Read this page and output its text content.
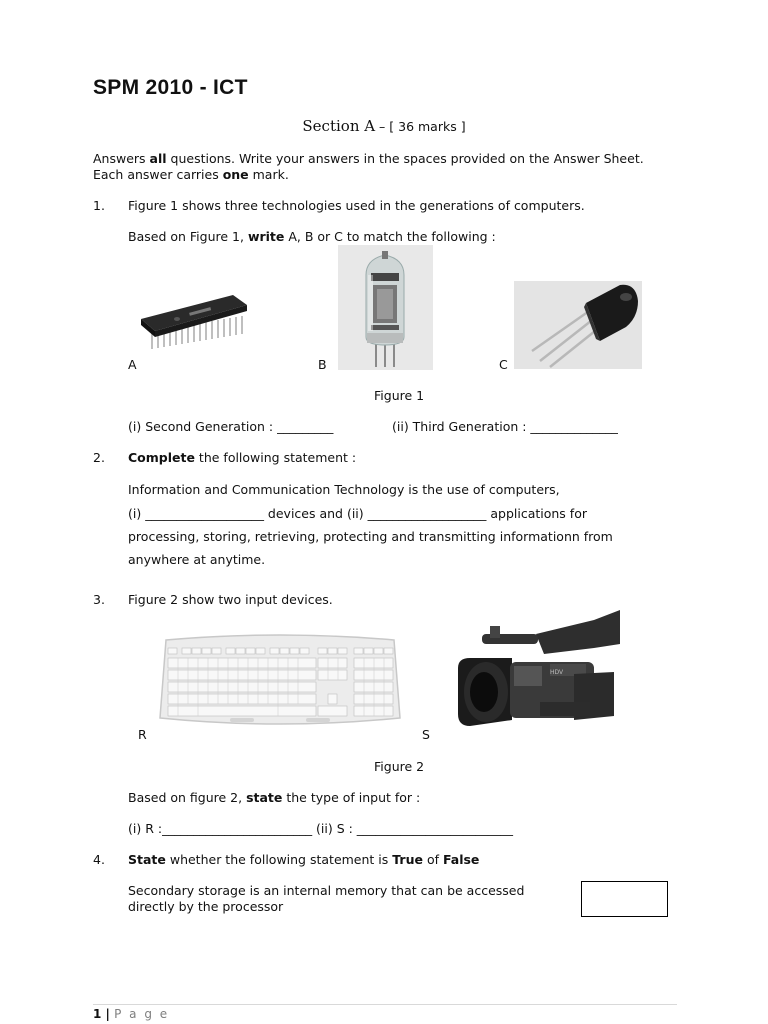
SPM 2010 - ICT
Section A – [ 36 marks ]
Answers all questions. Write your answers in the spaces provided on the Answer Sheet.
Each answer carries one mark.
1. Figure 1 shows three technologies used in the generations of computers.
Based on Figure 1, write A, B or C to match the following :
A	B	C
Figure 1
(i) Second Generation : _________	(ii) Third Generation : ______________
2. Complete the following statement :
Information and Communication Technology is the use of computers,
(i) ___________________ devices and (ii) ___________________ applications for
processing, storing, retrieving, protecting and transmitting informationn from
anywhere at anytime.
3. Figure 2 show two input devices.
HDV
R	S
Figure 2
Based on figure 2, state the type of input for :
(i) R :________________________ (ii) S : _________________________
4. State whether the following statement is True of False
Secondary storage is an internal memory that can be accessed
directly by the processor
1 | P a g e
